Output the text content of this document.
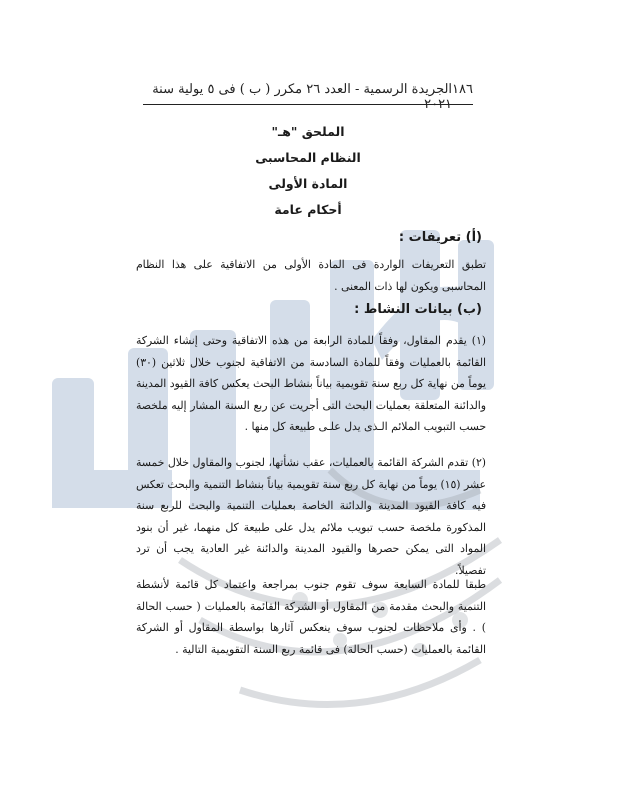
١٨٦
الجريدة الرسمية - العدد ٢٦ مكرر ( ب ) فى ٥ يولية سنة ٢٠٢١
الملحق "هـ"
النظام المحاسبى
المادة الأولى
أحكام عامة
(أ) تعريفات :
تطبق التعريفات الواردة فى المادة الأولى من الاتفاقية على هذا النظام المحاسبى ويكون لها ذات المعنى .
(ب) بيانات النشاط :
(١) يقدم المقاول، وفقاً للمادة الرابعة من هذه الاتفاقية وحتى إنشاء الشركة القائمة بالعمليات وفقاً للمادة السادسة من الاتفاقية لجنوب خلال ثلاثين (٣٠) يوماً من نهاية كل ربع سنة تقويمية بياناً بنشاط البحث يعكس كافة القيود المدينة والدائنة المتعلقة بعمليات البحث التى أجريت عن ربع السنة المشار إليه ملخصة حسب التبويب الملائم الـذى يدل علـى طبيعة كل منها .
(٢) تقدم الشركة القائمة بالعمليات، عقب نشأتها، لجنوب والمقاول خلال خمسة عشر (١٥) يوماً من نهاية كل ربع سنة تقويمية بياناً بنشاط التنمية والبحث تعكس فيه كافة القيود المدينة والدائنة الخاصة بعمليات التنمية والبحث للربع سنة المذكورة ملخصة حسب تبويب ملائم يدل على طبيعة كل منهما، غير أن بنود المواد التى يمكن حصرها والقيود المدينة والدائنة غير العادية يجب أن ترد تفصيلاً.
طبقا للمادة السابعة سوف تقوم جنوب بمراجعة واعتماد كل قائمة لأنشطة التنمية والبحث مقدمة من المقاول أو الشركة القائمة بالعمليات ( حسب الحالة ) . وأى ملاحظات لجنوب سوف ينعكس آثارها بواسطة المقاول أو الشركة القائمة بالعمليات (حسب الحالة) فى قائمة ربع السنة التقويمية التالية .
